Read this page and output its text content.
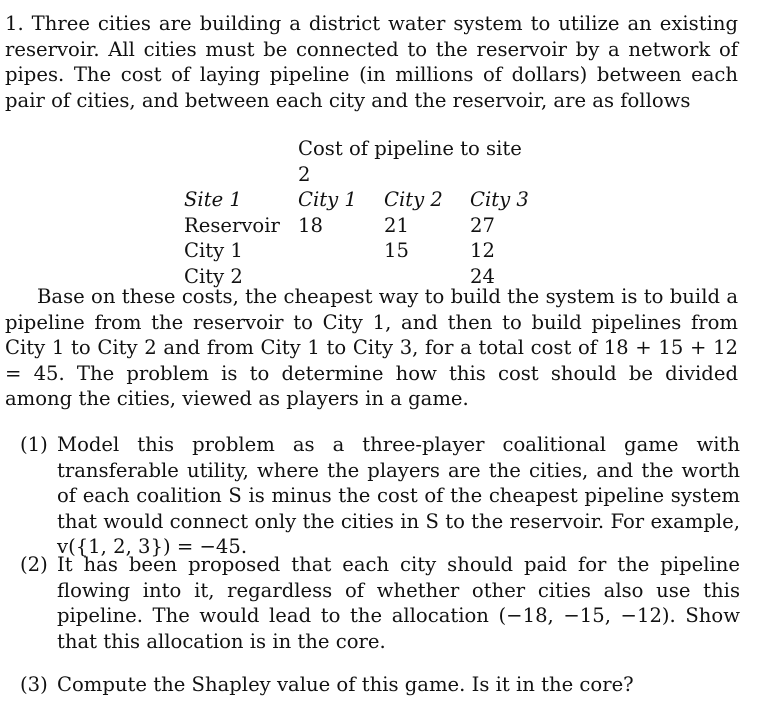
1. Three cities are building a district water system to utilize an existing reservoir. All cities must be connected to the reservoir by a network of pipes. The cost of laying pipeline (in millions of dollars) between each pair of cities, and between each city and the reservoir, are as follows

	Cost of pipeline to site 2		
Site 1	City 1	City 2	City 3
Reservoir	18	21	27
City 1		15	12
City 2			24

Base on these costs, the cheapest way to build the system is to build a pipeline from the reservoir to City 1, and then to build pipelines from City 1 to City 2 and from City 1 to City 3, for a total cost of 18 + 15 + 12 = 45. The problem is to determine how this cost should be divided among the cities, viewed as players in a game.

(1) Model this problem as a three-player coalitional game with transferable utility, where the players are the cities, and the worth of each coalition S is minus the cost of the cheapest pipeline system that would connect only the cities in S to the reservoir. For example, v({1, 2, 3}) = −45.
(2) It has been proposed that each city should paid for the pipeline flowing into it, regardless of whether other cities also use this pipeline. The would lead to the allocation (−18, −15, −12). Show that this allocation is in the core.
(3) Compute the Shapley value of this game. Is it in the core?
